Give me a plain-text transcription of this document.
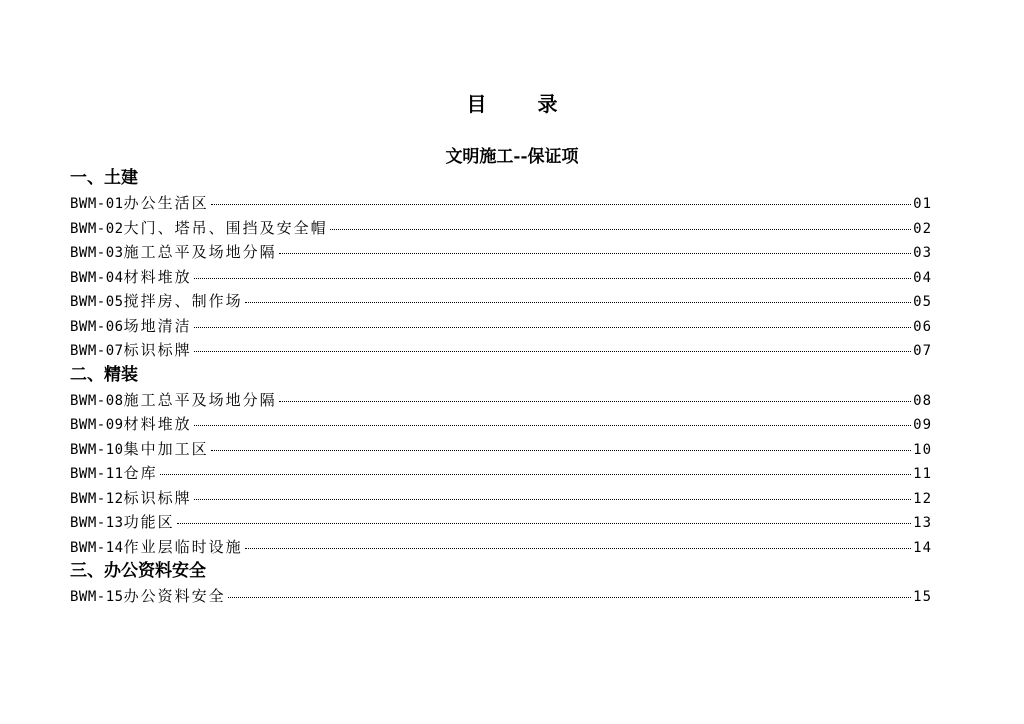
目 录
文明施工--保证项
一、土建
BWM-01办公生活区	01
BWM-02大门、塔吊、围挡及安全帽	02
BWM-03施工总平及场地分隔	03
BWM-04材料堆放	04
BWM-05搅拌房、制作场	05
BWM-06场地清洁	06
BWM-07标识标牌	07
二、精装
BWM-08施工总平及场地分隔	08
BWM-09材料堆放	09
BWM-10集中加工区	10
BWM-11仓库	11
BWM-12标识标牌	12
BWM-13功能区	13
BWM-14作业层临时设施	14
三、办公资料安全
BWM-15办公资料安全	15
